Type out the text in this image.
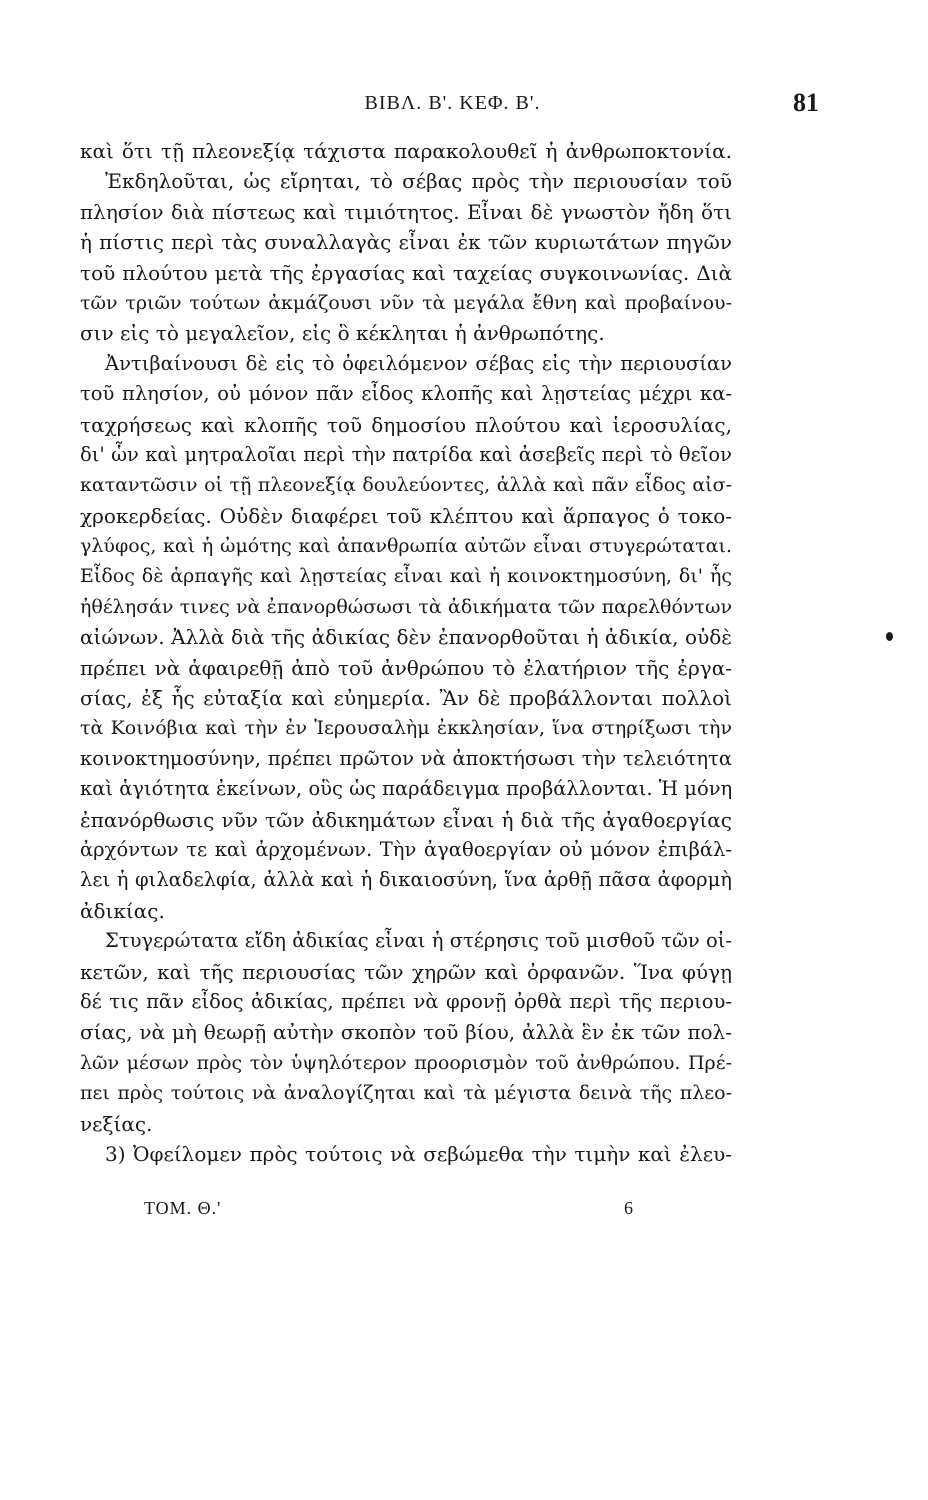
ΒΙΒΛ. Β'. ΚΕΦ. Β'.	81
καὶ ὅτι τῇ πλεονεξίᾳ τάχιστα παρακολουθεῖ ἡ ἀνθρωποκτονία.
Ἐκδηλοῦται, ὡς εἴρηται, τὸ σέβας πρὸς τὴν περιουσίαν τοῦ
πλησίον διὰ πίστεως καὶ τιμιότητος. Εἶναι δὲ γνωστὸν ἤδη ὅτι
ἡ πίστις περὶ τὰς συναλλαγὰς εἶναι ἐκ τῶν κυριωτάτων πηγῶν
τοῦ πλούτου μετὰ τῆς ἐργασίας καὶ ταχείας συγκοινωνίας. Διὰ
τῶν τριῶν τούτων ἀκμάζουσι νῦν τὰ μεγάλα ἔθνη καὶ προβαίνου-
σιν εἰς τὸ μεγαλεῖον, εἰς ὃ κέκληται ἡ ἀνθρωπότης.
Ἀντιβαίνουσι δὲ εἰς τὸ ὀφειλόμενον σέβας εἰς τὴν περιουσίαν
τοῦ πλησίον, οὐ μόνον πᾶν εἶδος κλοπῆς καὶ λῃστείας μέχρι κα-
ταχρήσεως καὶ κλοπῆς τοῦ δημοσίου πλούτου καὶ ἱεροσυλίας,
δι' ὧν καὶ μητραλοῖαι περὶ τὴν πατρίδα καὶ ἀσεβεῖς περὶ τὸ θεῖον
καταντῶσιν οἱ τῇ πλεονεξίᾳ δουλεύοντες, ἀλλὰ καὶ πᾶν εἶδος αἰσ-
χροκερδείας. Οὐδὲν διαφέρει τοῦ κλέπτου καὶ ἅρπαγος ὁ τοκο-
γλύφος, καὶ ἡ ὠμότης καὶ ἀπανθρωπία αὐτῶν εἶναι στυγερώταται.
Εἶδος δὲ ἁρπαγῆς καὶ λῃστείας εἶναι καὶ ἡ κοινοκτημοσύνη, δι' ἧς
ἠθέλησάν τινες νὰ ἐπανορθώσωσι τὰ ἀδικήματα τῶν παρελθόντων
αἰώνων. Ἀλλὰ διὰ τῆς ἀδικίας δὲν ἐπανορθοῦται ἡ ἀδικία, οὐδὲ
πρέπει νὰ ἀφαιρεθῇ ἀπὸ τοῦ ἀνθρώπου τὸ ἐλατήριον τῆς ἐργα-
σίας, ἐξ ἧς εὐταξία καὶ εὐημερία. Ἂν δὲ προβάλλονται πολλοὶ
τὰ Κοινόβια καὶ τὴν ἐν Ἱερουσαλὴμ ἐκκλησίαν, ἵνα στηρίξωσι τὴν
κοινοκτημοσύνην, πρέπει πρῶτον νὰ ἀποκτήσωσι τὴν τελειότητα
καὶ ἁγιότητα ἐκείνων, οὓς ὡς παράδειγμα προβάλλονται. Ἡ μόνη
ἐπανόρθωσις νῦν τῶν ἀδικημάτων εἶναι ἡ διὰ τῆς ἀγαθοεργίας
ἀρχόντων τε καὶ ἀρχομένων. Τὴν ἀγαθοεργίαν οὐ μόνον ἐπιβάλ-
λει ἡ φιλαδελφία, ἀλλὰ καὶ ἡ δικαιοσύνη, ἵνα ἀρθῇ πᾶσα ἀφορμὴ
ἀδικίας.
Στυγερώτατα εἴδη ἀδικίας εἶναι ἡ στέρησις τοῦ μισθοῦ τῶν οἰ-
κετῶν, καὶ τῆς περιουσίας τῶν χηρῶν καὶ ὀρφανῶν. Ἵνα φύγῃ
δέ τις πᾶν εἶδος ἀδικίας, πρέπει νὰ φρονῇ ὀρθὰ περὶ τῆς περιου-
σίας, νὰ μὴ θεωρῇ αὐτὴν σκοπὸν τοῦ βίου, ἀλλὰ ἓν ἐκ τῶν πολ-
λῶν μέσων πρὸς τὸν ὑψηλότερον προορισμὸν τοῦ ἀνθρώπου. Πρέ-
πει πρὸς τούτοις νὰ ἀναλογίζηται καὶ τὰ μέγιστα δεινὰ τῆς πλεο-
νεξίας.
3) Ὀφείλομεν πρὸς τούτοις νὰ σεβώμεθα τὴν τιμὴν καὶ ἐλευ-
ΤΟΜ. Θ.'	6
